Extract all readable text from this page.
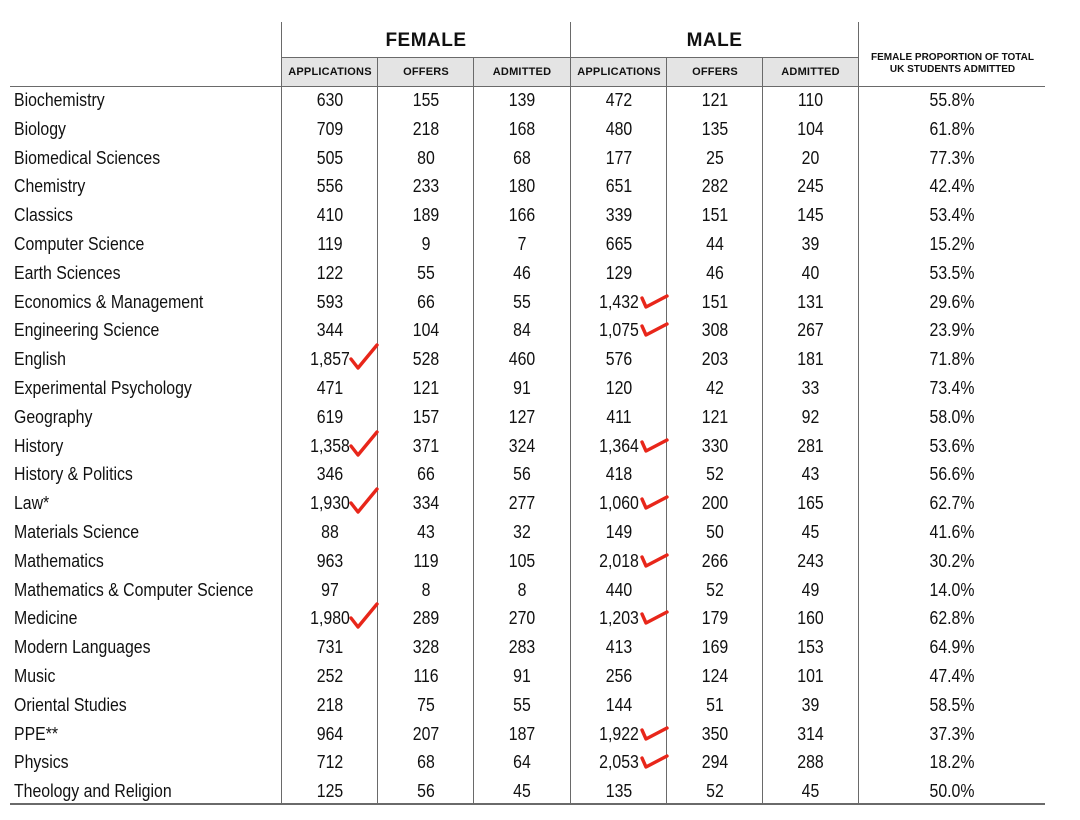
FEMALE	MALE
APPLICATIONS	OFFERS	ADMITTED	APPLICATIONS	OFFERS	ADMITTED
FEMALE PROPORTION OF TOTAL
UK STUDENTS ADMITTED
Biochemistry	630	155	139	472	121	110	55.8%
Biology	709	218	168	480	135	104	61.8%
Biomedical Sciences	505	80	68	177	25	20	77.3%
Chemistry	556	233	180	651	282	245	42.4%
Classics	410	189	166	339	151	145	53.4%
Computer Science	119	9	7	665	44	39	15.2%
Earth Sciences	122	55	46	129	46	40	53.5%
Economics & Management	593	66	55	1,432	151	131	29.6%
Engineering Science	344	104	84	1,075	308	267	23.9%
English	1,857	528	460	576	203	181	71.8%
Experimental Psychology	471	121	91	120	42	33	73.4%
Geography	619	157	127	411	121	92	58.0%
History	1,358	371	324	1,364	330	281	53.6%
History & Politics	346	66	56	418	52	43	56.6%
Law*	1,930	334	277	1,060	200	165	62.7%
Materials Science	88	43	32	149	50	45	41.6%
Mathematics	963	119	105	2,018	266	243	30.2%
Mathematics & Computer Science	97	8	8	440	52	49	14.0%
Medicine	1,980	289	270	1,203	179	160	62.8%
Modern Languages	731	328	283	413	169	153	64.9%
Music	252	116	91	256	124	101	47.4%
Oriental Studies	218	75	55	144	51	39	58.5%
PPE**	964	207	187	1,922	350	314	37.3%
Physics	712	68	64	2,053	294	288	18.2%
Theology and Religion	125	56	45	135	52	45	50.0%
